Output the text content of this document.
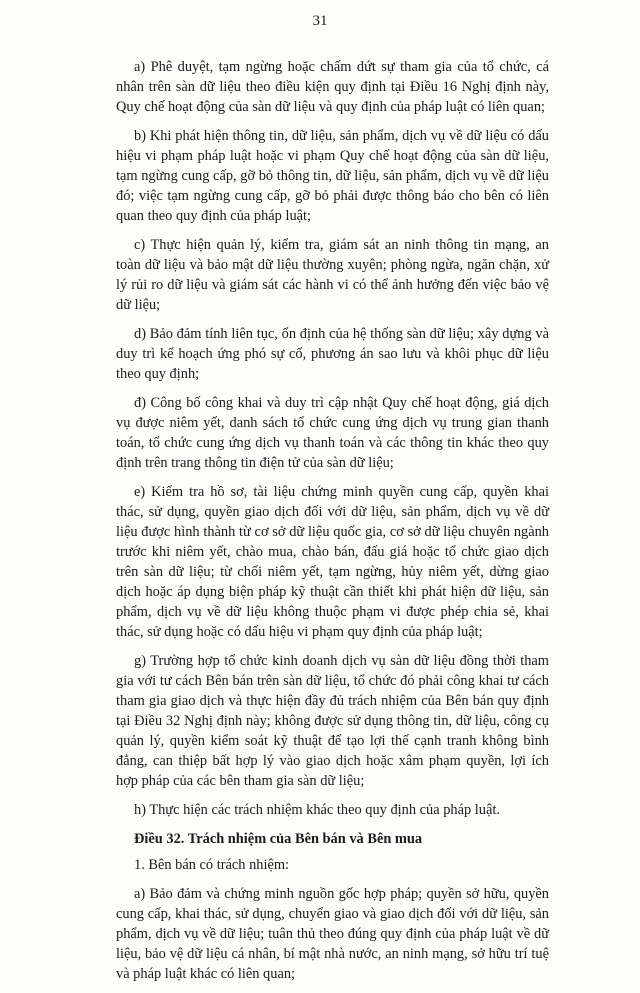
31

a) Phê duyệt, tạm ngừng hoặc chấm dứt sự tham gia của tổ chức, cá nhân trên sàn dữ liệu theo điều kiện quy định tại Điều 16 Nghị định này, Quy chế hoạt động của sàn dữ liệu và quy định của pháp luật có liên quan;

b) Khi phát hiện thông tin, dữ liệu, sản phẩm, dịch vụ về dữ liệu có dấu hiệu vi phạm pháp luật hoặc vi phạm Quy chế hoạt động của sàn dữ liệu, tạm ngừng cung cấp, gỡ bỏ thông tin, dữ liệu, sản phẩm, dịch vụ về dữ liệu đó; việc tạm ngừng cung cấp, gỡ bỏ phải được thông báo cho bên có liên quan theo quy định của pháp luật;

c) Thực hiện quản lý, kiểm tra, giám sát an ninh thông tin mạng, an toàn dữ liệu và bảo mật dữ liệu thường xuyên; phòng ngừa, ngăn chặn, xử lý rủi ro dữ liệu và giám sát các hành vi có thể ảnh hưởng đến việc bảo vệ dữ liệu;

d) Bảo đảm tính liên tục, ổn định của hệ thống sàn dữ liệu; xây dựng và duy trì kế hoạch ứng phó sự cố, phương án sao lưu và khôi phục dữ liệu theo quy định;

đ) Công bố công khai và duy trì cập nhật Quy chế hoạt động, giá dịch vụ được niêm yết, danh sách tổ chức cung ứng dịch vụ trung gian thanh toán, tổ chức cung ứng dịch vụ thanh toán và các thông tin khác theo quy định trên trang thông tin điện tử của sàn dữ liệu;

e) Kiểm tra hồ sơ, tài liệu chứng minh quyền cung cấp, quyền khai thác, sử dụng, quyền giao dịch đối với dữ liệu, sản phẩm, dịch vụ về dữ liệu được hình thành từ cơ sở dữ liệu quốc gia, cơ sở dữ liệu chuyên ngành trước khi niêm yết, chào mua, chào bán, đấu giá hoặc tổ chức giao dịch trên sàn dữ liệu; từ chối niêm yết, tạm ngừng, hủy niêm yết, dừng giao dịch hoặc áp dụng biện pháp kỹ thuật cần thiết khi phát hiện dữ liệu, sản phẩm, dịch vụ về dữ liệu không thuộc phạm vi được phép chia sẻ, khai thác, sử dụng hoặc có dấu hiệu vi phạm quy định của pháp luật;

g) Trường hợp tổ chức kinh doanh dịch vụ sàn dữ liệu đồng thời tham gia với tư cách Bên bán trên sàn dữ liệu, tổ chức đó phải công khai tư cách tham gia giao dịch và thực hiện đầy đủ trách nhiệm của Bên bán quy định tại Điều 32 Nghị định này; không được sử dụng thông tin, dữ liệu, công cụ quản lý, quyền kiểm soát kỹ thuật để tạo lợi thế cạnh tranh không bình đẳng, can thiệp bất hợp lý vào giao dịch hoặc xâm phạm quyền, lợi ích hợp pháp của các bên tham gia sàn dữ liệu;

h) Thực hiện các trách nhiệm khác theo quy định của pháp luật.

Điều 32. Trách nhiệm của Bên bán và Bên mua

1. Bên bán có trách nhiệm:

a) Bảo đảm và chứng minh nguồn gốc hợp pháp; quyền sở hữu, quyền cung cấp, khai thác, sử dụng, chuyển giao và giao dịch đối với dữ liệu, sản phẩm, dịch vụ về dữ liệu; tuân thủ theo đúng quy định của pháp luật về dữ liệu, bảo vệ dữ liệu cá nhân, bí mật nhà nước, an ninh mạng, sở hữu trí tuệ và pháp luật khác có liên quan;
